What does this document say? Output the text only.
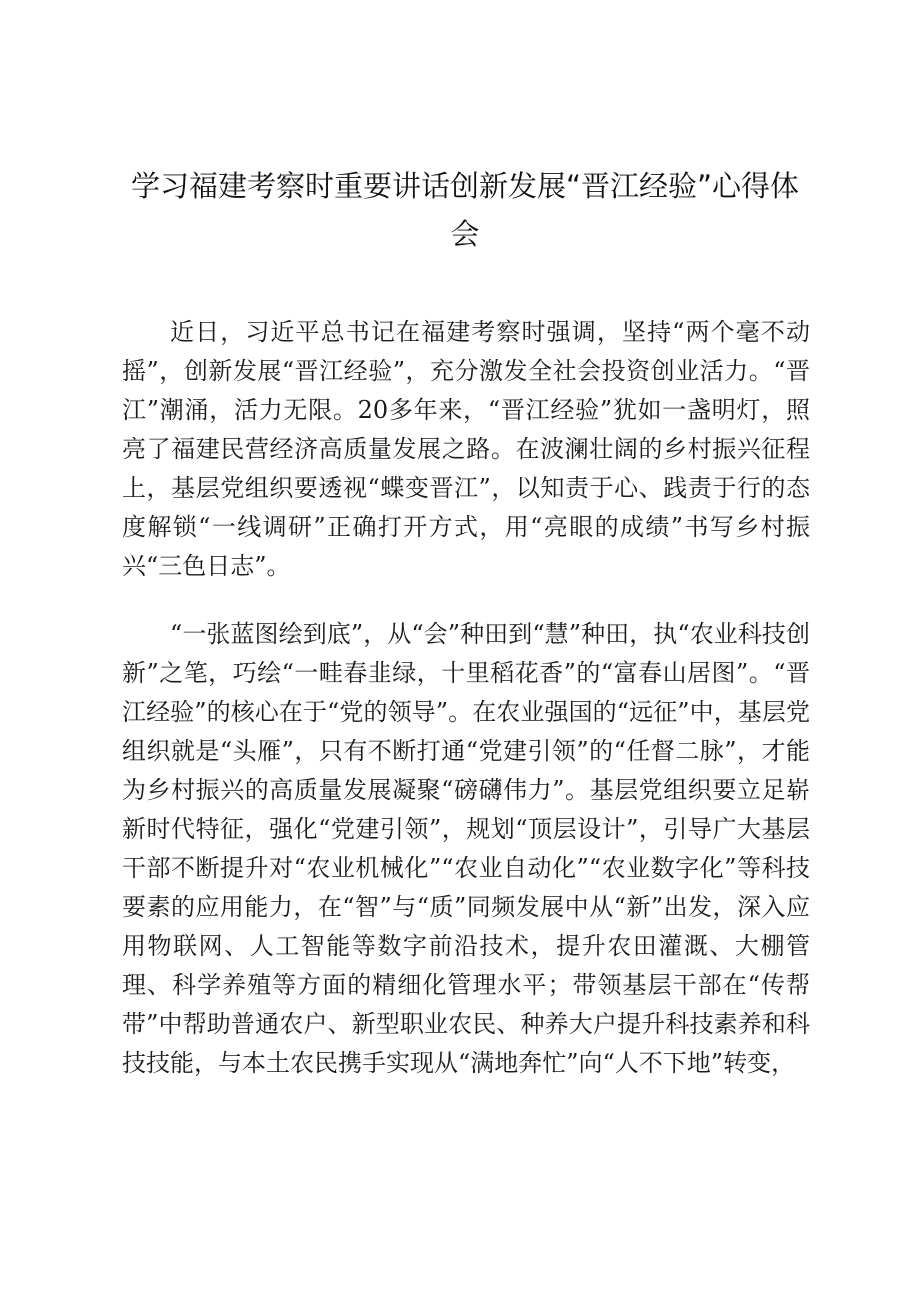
学习福建考察时重要讲话创新发展“晋江经验”心得体会

近日，习近平总书记在福建考察时强调，坚持“两个毫不动摇”，创新发展“晋江经验”，充分激发全社会投资创业活力。“晋江”潮涌，活力无限。20多年来，“晋江经验”犹如一盏明灯，照亮了福建民营经济高质量发展之路。在波澜壮阔的乡村振兴征程上，基层党组织要透视“蝶变晋江”，以知责于心、践责于行的态度解锁“一线调研”正确打开方式，用“亮眼的成绩”书写乡村振兴“三色日志”。

“一张蓝图绘到底”，从“会”种田到“慧”种田，执“农业科技创新”之笔，巧绘“一畦春韭绿，十里稻花香”的“富春山居图”。“晋江经验”的核心在于“党的领导”。在农业强国的“远征”中，基层党组织就是“头雁”，只有不断打通“党建引领”的“任督二脉”，才能为乡村振兴的高质量发展凝聚“磅礴伟力”。基层党组织要立足崭新时代特征，强化“党建引领”，规划“顶层设计”，引导广大基层干部不断提升对“农业机械化”“农业自动化”“农业数字化”等科技要素的应用能力，在“智”与“质”同频发展中从“新”出发，深入应用物联网、人工智能等数字前沿技术，提升农田灌溉、大棚管理、科学养殖等方面的精细化管理水平；带领基层干部在“传帮带”中帮助普通农户、新型职业农民、种养大户提升科技素养和科技技能，与本土农民携手实现从“满地奔忙”向“人不下地”转变，
